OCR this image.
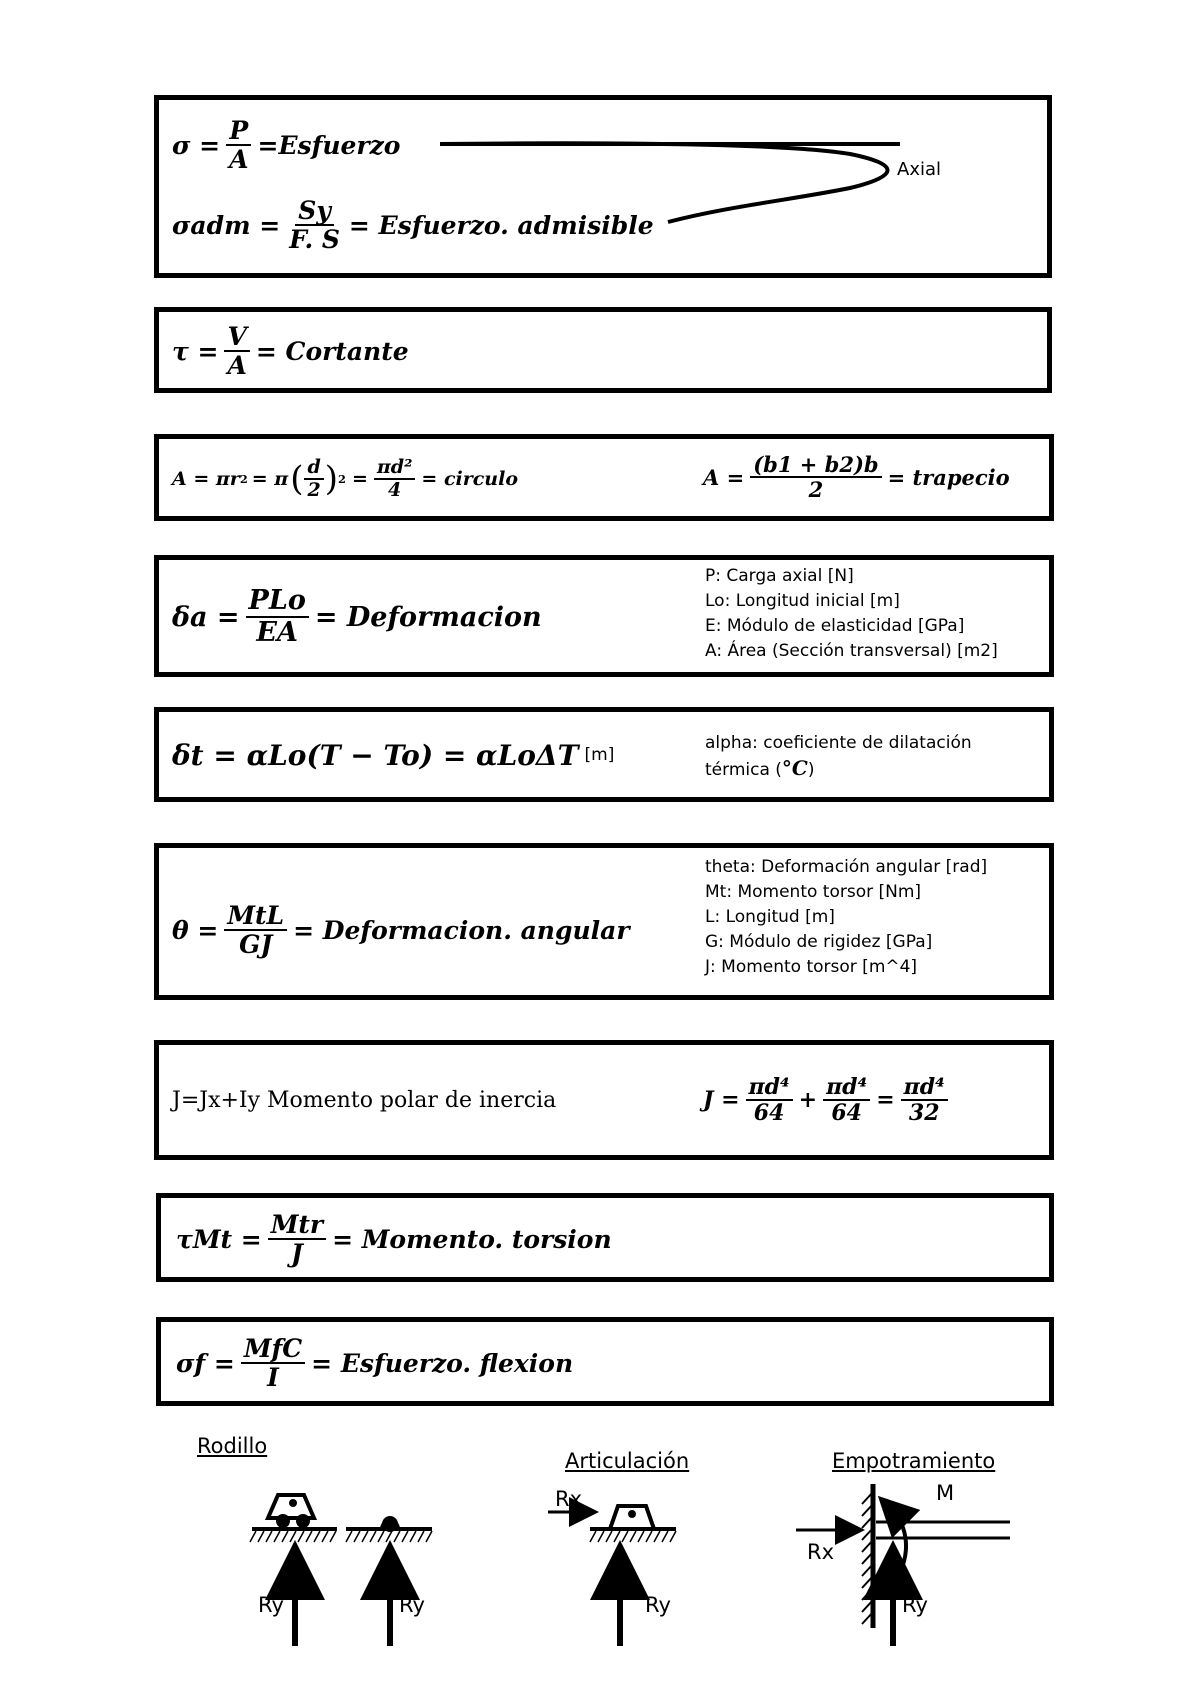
$\sigma = \frac{P}{A}$ =Esfuerzo
$\sigma adm = \frac{Sy}{F. S}$ = Esfuerzo. admisible
Axial
$\tau = \frac{V}{A}$ = Cortante
A = πr 2 = π ( $\frac{d}{2}$ ) $2 = \frac{\text{πd²}}{4}$ = circulo	$A = \frac{(b1 + b2)b}{2}$ = trapecio
$\delta a = \frac{\text{PLo}}{EA}$ = Deformacion
P: Carga axial [N]
Lo: Longitud inicial [m]
E: Módulo de elasticidad [GPa]
A: Área (Sección transversal) [m2]
δt = αLo(T − To) = αLoΔT [m]
alpha: coeficiente de dilatación
térmica (°C)
$\theta = \frac{\text{MtL}}{GJ}$ = Deformacion. angular
theta: Deformación angular [rad]
Mt: Momento torsor [Nm]
L: Longitud [m]
G: Módulo de rigidez [GPa]
J: Momento torsor [m^4]
J=Jx+Iy Momento polar de inercia	$J = \frac{\text{πd⁴}}{64} + \frac{\text{πd⁴}}{64} = \frac{\text{πd⁴}}{32}$
$\tau Mt = \frac{\text{Mtr}}{J}$ = Momento. torsion
$\sigma f = \frac{\text{MfC}}{I}$ = Esfuerzo. flexion
Rodillo
Articulación	Empotramiento
Ry	Ry
Rx
Ry
Rx
M
Ry
